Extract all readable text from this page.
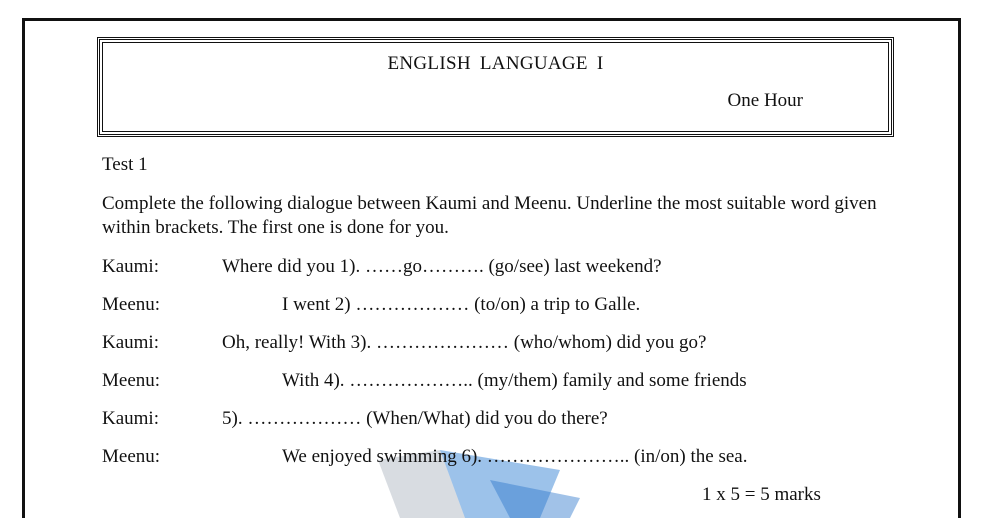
ENGLISH LANGUAGE I
One Hour
Test 1
Complete the following dialogue between Kaumi and Meenu. Underline the most suitable word given within brackets. The first one is done for you.
Kaumi:	Where did you 1). ……go………. (go/see) last weekend?
Meenu:	I went 2) ……………… (to/on) a trip to Galle.
Kaumi:	Oh, really! With 3). ………………… (who/whom) did you go?
Meenu:	With 4). ……………….. (my/them) family and some friends
Kaumi:	5). ……………… (When/What) did you do there?
Meenu:	We enjoyed swimming 6). ………………….. (in/on) the sea.
1 x 5 = 5 marks
